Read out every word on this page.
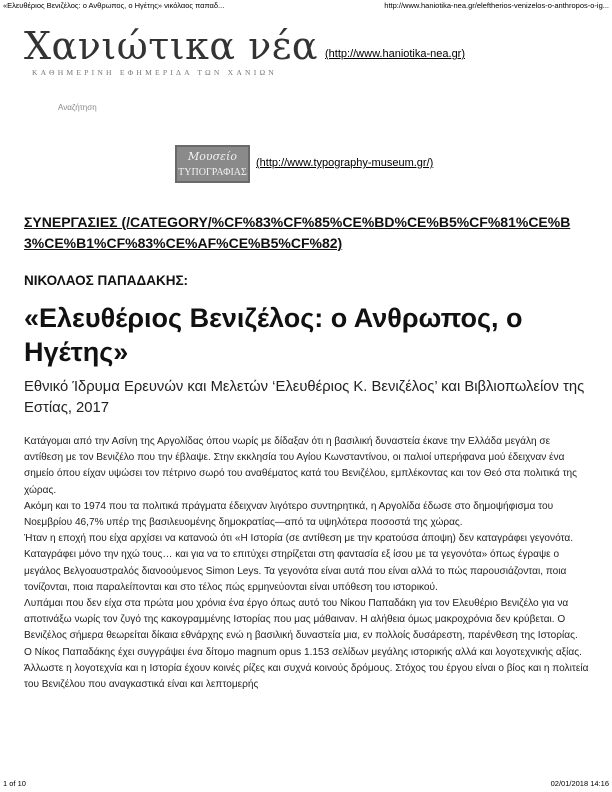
«Ελευθέριος Βενιζέλος: ο Ανθρωπος, ο Ηγέτης» νικόλαος παπαδ...	http://www.haniotika-nea.gr/eleftherios-venizelos-o-anthropos-o-ig...
Χανιώτικα νέα
ΚΑΘΗΜΕΡΙΝΗ ΕΦΗΜΕΡΙΔΑ ΤΩΝ ΧΑΝΙΩΝ
(http://www.haniotika-nea.gr)
Αναζήτηση
Μουσείο
ΤΥΠΟΓΡΑΦΙΑΣ
(http://www.typography-museum.gr/)
ΣΥΝΕΡΓΑΣΙΕΣ (/CATEGORY/%CF%83%CF%85%CE%BD%CE%B5%CF%81%CE%B3%CE%B1%CF%83%CE%AF%CE%B5%CF%82)
ΝΙΚΟΛΑΟΣ ΠΑΠΑΔΑΚΗΣ:
«Ελευθέριος Βενιζέλος: ο Ανθρωπος, ο Ηγέτης»
Εθνικό Ίδρυμα Ερευνών και Μελετών ‘Ελευθέριος Κ. Βενιζέλος’ και Βιβλιοπωλείον της Εστίας, 2017

Κατάγομαι από την Ασίνη της Αργολίδας όπου νωρίς με δίδαξαν ότι η βασιλική δυναστεία έκανε την Ελλάδα μεγάλη σε αντίθεση με τον Βενιζέλο που την έβλαψε. Στην εκκλησία του Αγίου Κωνσταντίνου, οι παλιοί υπερήφανα μού έδειχναν ένα σημείο όπου είχαν υψώσει τον πέτρινο σωρό του αναθέματος κατά του Βενιζέλου, εμπλέκοντας και τον Θεό στα πολιτικά της χώρας.

Ακόμη και το 1974 που τα πολιτικά πράγματα έδειχναν λιγότερο συντηρητικά, η Αργολίδα έδωσε στο δημοψήφισμα του Νοεμβρίου 46,7% υπέρ της βασιλευομένης δημοκρατίας—από τα υψηλότερα ποσοστά της χώρας.

Ήταν η εποχή που είχα αρχίσει να κατανοώ ότι «Η Ιστορία (σε αντίθεση με την κρατούσα άποψη) δεν καταγράφει γεγονότα. Καταγράφει μόνο την ηχώ τους… και για να το επιτύχει στηρίζεται στη φαντασία εξ ίσου με τα γεγονότα» όπως έγραψε ο μεγάλος Βελγοαυστραλός διανοούμενος Simon Leys. Τα γεγονότα είναι αυτά που είναι αλλά το πώς παρουσιάζονται, ποια τονίζονται, ποια παραλείπονται και στο τέλος πώς ερμηνεύονται είναι υπόθεση του ιστορικού.

Λυπάμαι που δεν είχα στα πρώτα μου χρόνια ένα έργο όπως αυτό του Νίκου Παπαδάκη για τον Ελευθέριο Βενιζέλο για να αποτινάξω νωρίς τον ζυγό της κακογραμμένης Ιστορίας που μας μάθαιναν. Η αλήθεια όμως μακροχρόνια δεν κρύβεται. Ο Βενιζέλος σήμερα θεωρείται δίκαια εθνάρχης ενώ η βασιλική δυναστεία μια, εν πολλοίς δυσάρεστη, παρένθεση της Ιστορίας.

Ο Νίκος Παπαδάκης έχει συγγράψει ένα δίτομο magnum opus 1.153 σελίδων μεγάλης ιστορικής αλλά και λογοτεχνικής αξίας. Άλλωστε η λογοτεχνία και η Ιστορία έχουν κοινές ρίζες και συχνά κοινούς δρόμους. Στόχος του έργου είναι ο βίος και η πολιτεία του Βενιζέλου που αναγκαστικά είναι και λεπτομερής

1 of 10	02/01/2018 14:16
